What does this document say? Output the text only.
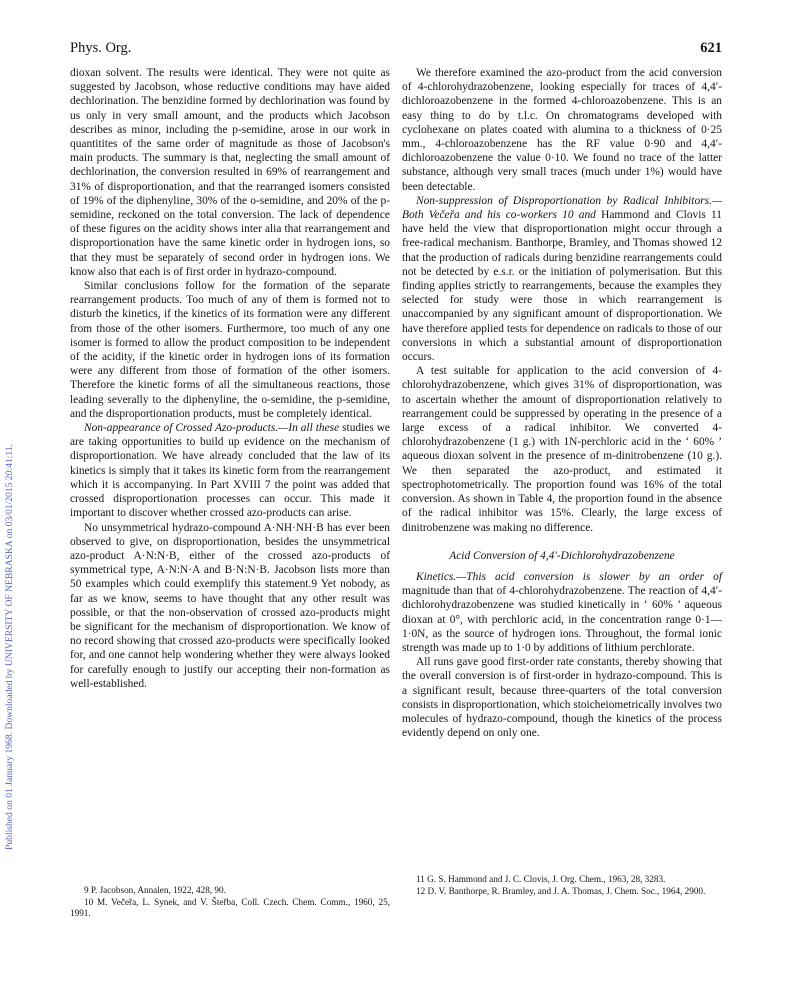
Published on 01 January 1968. Downloaded by UNIVERSITY OF NEBRASKA on 03/01/2015 20:41:11.
Phys. Org.	621

dioxan solvent. The results were identical. They were not quite as suggested by Jacobson, whose reductive conditions may have aided dechlorination. The benzidine formed by dechlorination was found by us only in very small amount, and the products which Jacobson describes as minor, including the p-semidine, arose in our work in quantitites of the same order of magnitude as those of Jacobson's main products. The summary is that, neglecting the small amount of dechlorination, the conversion resulted in 69% of rearrangement and 31% of disproportionation, and that the rearranged isomers consisted of 19% of the diphenyline, 30% of the o-semidine, and 20% of the p-semidine, reckoned on the total conversion. The lack of dependence of these figures on the acidity shows inter alia that rearrangement and disproportionation have the same kinetic order in hydrogen ions, so that they must be separately of second order in hydrogen ions. We know also that each is of first order in hydrazo-compound.

Similar conclusions follow for the formation of the separate rearrangement products. Too much of any of them is formed not to disturb the kinetics, if the kinetics of its formation were any different from those of the other isomers. Furthermore, too much of any one isomer is formed to allow the product composition to be independent of the acidity, if the kinetic order in hydrogen ions of its formation were any different from those of formation of the other isomers. Therefore the kinetic forms of all the simultaneous reactions, those leading severally to the diphenyline, the o-semidine, the p-semidine, and the disproportionation products, must be completely identical.

Non-appearance of Crossed Azo-products.—In all these studies we are taking opportunities to build up evidence on the mechanism of disproportionation. We have already concluded that the law of its kinetics is simply that it takes its kinetic form from the rearrangement which it is accompanying. In Part XVIII 7 the point was added that crossed disproportionation processes can occur. This made it important to discover whether crossed azo-products can arise.

No unsymmetrical hydrazo-compound A·NH·NH·B has ever been observed to give, on disproportionation, besides the unsymmetrical azo-product A·N:N·B, either of the crossed azo-products of symmetrical type, A·N:N·A and B·N:N·B. Jacobson lists more than 50 examples which could exemplify this statement.9 Yet nobody, as far as we know, seems to have thought that any other result was possible, or that the non-observation of crossed azo-products might be significant for the mechanism of disproportionation. We know of no record showing that crossed azo-products were specifically looked for, and one cannot help wondering whether they were always looked for carefully enough to justify our accepting their non-formation as well-established.

We therefore examined the azo-product from the acid conversion of 4-chlorohydrazobenzene, looking especially for traces of 4,4′-dichloroazobenzene in the formed 4-chloroazobenzene. This is an easy thing to do by t.l.c. On chromatograms developed with cyclohexane on plates coated with alumina to a thickness of 0·25 mm., 4-chloroazobenzene has the RF value 0·90 and 4,4′-dichloroazobenzene the value 0·10. We found no trace of the latter substance, although very small traces (much under 1%) would have been detectable.

Non-suppression of Disproportionation by Radical Inhibitors.—Both Večeřa and his co-workers 10 and Hammond and Clovis 11 have held the view that disproportionation might occur through a free-radical mechanism. Banthorpe, Bramley, and Thomas showed 12 that the production of radicals during benzidine rearrangements could not be detected by e.s.r. or the initiation of polymerisation. But this finding applies strictly to rearrangements, because the examples they selected for study were those in which rearrangement is unaccompanied by any significant amount of disproportionation. We have therefore applied tests for dependence on radicals to those of our conversions in which a substantial amount of disproportionation occurs.

A test suitable for application to the acid conversion of 4-chlorohydrazobenzene, which gives 31% of disproportionation, was to ascertain whether the amount of disproportionation relatively to rearrangement could be suppressed by operating in the presence of a large excess of a radical inhibitor. We converted 4-chlorohydrazobenzene (1 g.) with 1N-perchloric acid in the ‘ 60% ’ aqueous dioxan solvent in the presence of m-dinitrobenzene (10 g.). We then separated the azo-product, and estimated it spectrophotometrically. The proportion found was 16% of the total conversion. As shown in Table 4, the proportion found in the absence of the radical inhibitor was 15%. Clearly, the large excess of dinitrobenzene was making no difference.

Acid Conversion of 4,4′-Dichlorohydrazobenzene

Kinetics.—This acid conversion is slower by an order of magnitude than that of 4-chlorohydrazobenzene. The reaction of 4,4′-dichlorohydrazobenzene was studied kinetically in ‘ 60% ’ aqueous dioxan at 0°, with perchloric acid, in the concentration range 0·1—1·0N, as the source of hydrogen ions. Throughout, the formal ionic strength was made up to 1·0 by additions of lithium perchlorate.

All runs gave good first-order rate constants, thereby showing that the overall conversion is of first-order in hydrazo-compound. This is a significant result, because three-quarters of the total conversion consists in disproportionation, which stoicheiometrically involves two molecules of hydrazo-compound, though the kinetics of the process evidently depend on only one.

9 P. Jacobson, Annalen, 1922, 428, 90.

10 M. Večeřa, L. Synek, and V. Šteřba, Coll. Czech. Chem. Comm., 1960, 25, 1991.

11 G. S. Hammond and J. C. Clovis, J. Org. Chem., 1963, 28, 3283.

12 D. V. Banthorpe, R. Bramley, and J. A. Thomas, J. Chem. Soc., 1964, 2900.
